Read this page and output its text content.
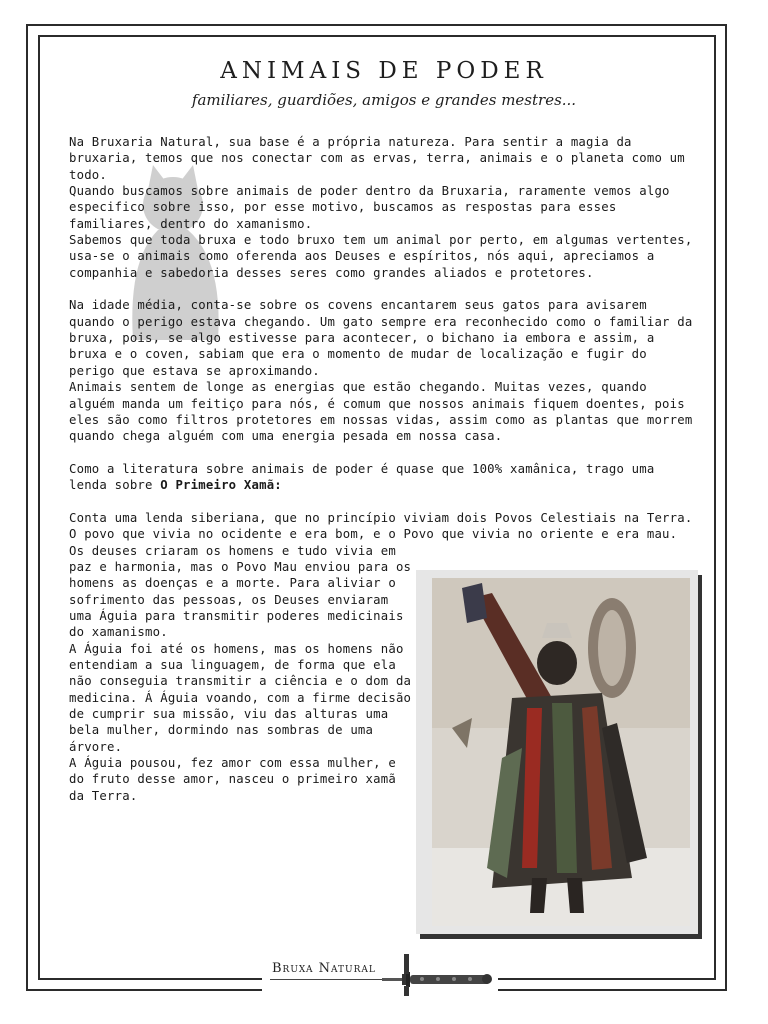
ANIMAIS DE PODER
familiares, guardiões, amigos e grandes mestres...

Na Bruxaria Natural, sua base é a própria natureza. Para sentir a magia da bruxaria, temos que nos conectar com as ervas, terra, animais e o planeta como um todo.

Quando buscamos sobre animais de poder dentro da Bruxaria, raramente vemos algo especifico sobre isso, por esse motivo, buscamos as respostas para esses familiares, dentro do xamanismo.

Sabemos que toda bruxa e todo bruxo tem um animal por perto, em algumas vertentes, usa-se o animais como oferenda aos Deuses e espíritos, nós aqui, apreciamos a companhia e sabedoria desses seres como grandes aliados e protetores.

Na idade média, conta-se sobre os covens encantarem seus gatos para avisarem quando o perigo estava chegando. Um gato sempre era reconhecido como o familiar da bruxa, pois, se algo estivesse para acontecer, o bichano ia embora e assim, a bruxa e o coven, sabiam que era o momento de mudar de localização e fugir do perigo que estava se aproximando.

Animais sentem de longe as energias que estão chegando. Muitas vezes, quando alguém manda um feitiço para nós, é comum que nossos animais fiquem doentes, pois eles são como filtros protetores em nossas vidas, assim como as plantas que morrem quando chega alguém com uma energia pesada em nossa casa.

Como a literatura sobre animais de poder é quase que 100% xamânica, trago uma lenda sobre O Primeiro Xamã:

Conta uma lenda siberiana, que no princípio viviam dois Povos Celestiais na Terra. O povo que vivia no ocidente e era bom, e o Povo que vivia no oriente e era mau.

Os deuses criaram os homens e tudo vivia em paz e harmonia, mas o Povo Mau enviou para os homens as doenças e a morte. Para aliviar o sofrimento das pessoas, os Deuses enviaram uma Águia para transmitir poderes medicinais do xamanismo.

A Águia foi até os homens, mas os homens não entendiam a sua linguagem, de forma que ela não conseguia transmitir a ciência e o dom da medicina. Á Águia voando, com a firme decisão de cumprir sua missão, viu das alturas uma bela mulher, dormindo nas sombras de uma árvore.

A Águia pousou, fez amor com essa mulher, e do fruto desse amor, nasceu o primeiro xamã da Terra.

Bruxa Natural
